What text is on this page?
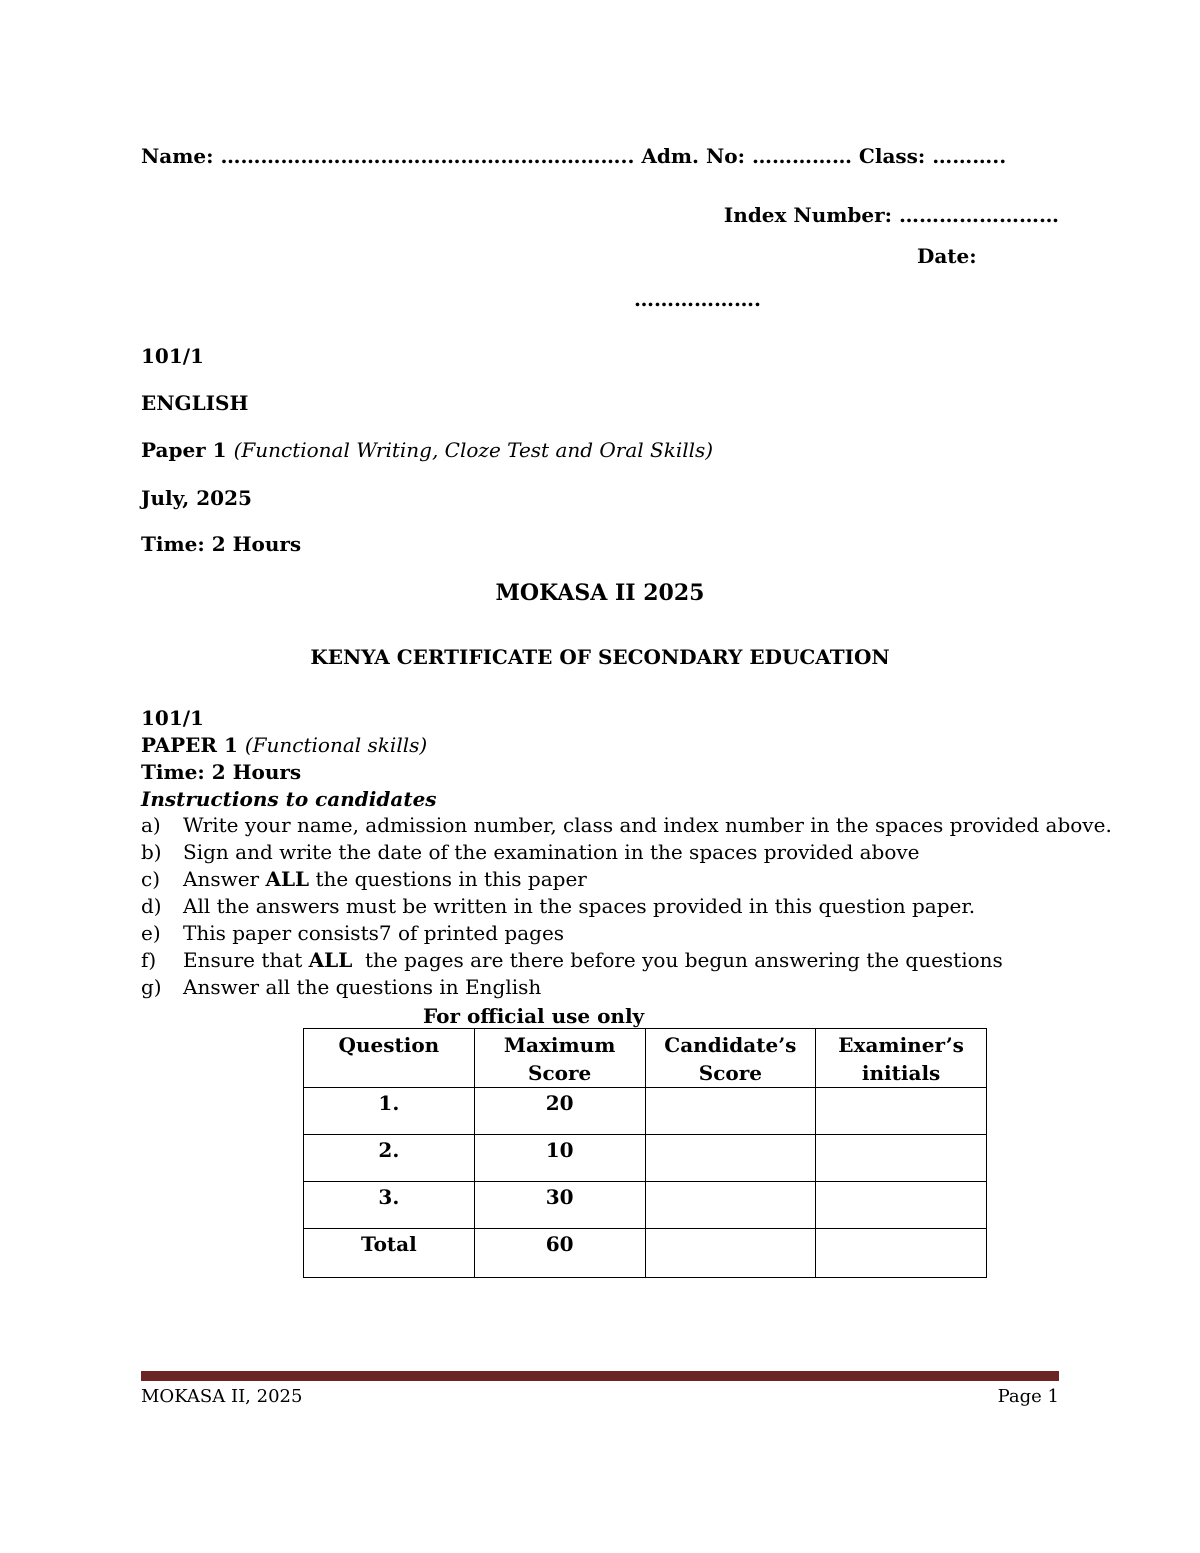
Name: …………………………………………………….. Adm. No: …………… Class: ………..
Index Number: ……………………
Date:
……………….
101/1
ENGLISH
Paper 1 (Functional Writing, Cloze Test and Oral Skills)
July, 2025
Time: 2 Hours
MOKASA II 2025
KENYA CERTIFICATE OF SECONDARY EDUCATION
101/1
PAPER 1 (Functional skills)
Time: 2 Hours
Instructions to candidates
a) Write your name, admission number, class and index number in the spaces provided above.
b) Sign and write the date of the examination in the spaces provided above
c) Answer ALL the questions in this paper
d) All the answers must be written in the spaces provided in this question paper.
e) This paper consists7 of printed pages
f) Ensure that ALL  the pages are there before you begun answering the questions
g) Answer all the questions in English
For official use only
Question	Maximum Score	Candidate’s Score	Examiner’s initials
1.	20		
2.	10		
3.	30		
Total	60		
MOKASA II, 2025	Page 1
